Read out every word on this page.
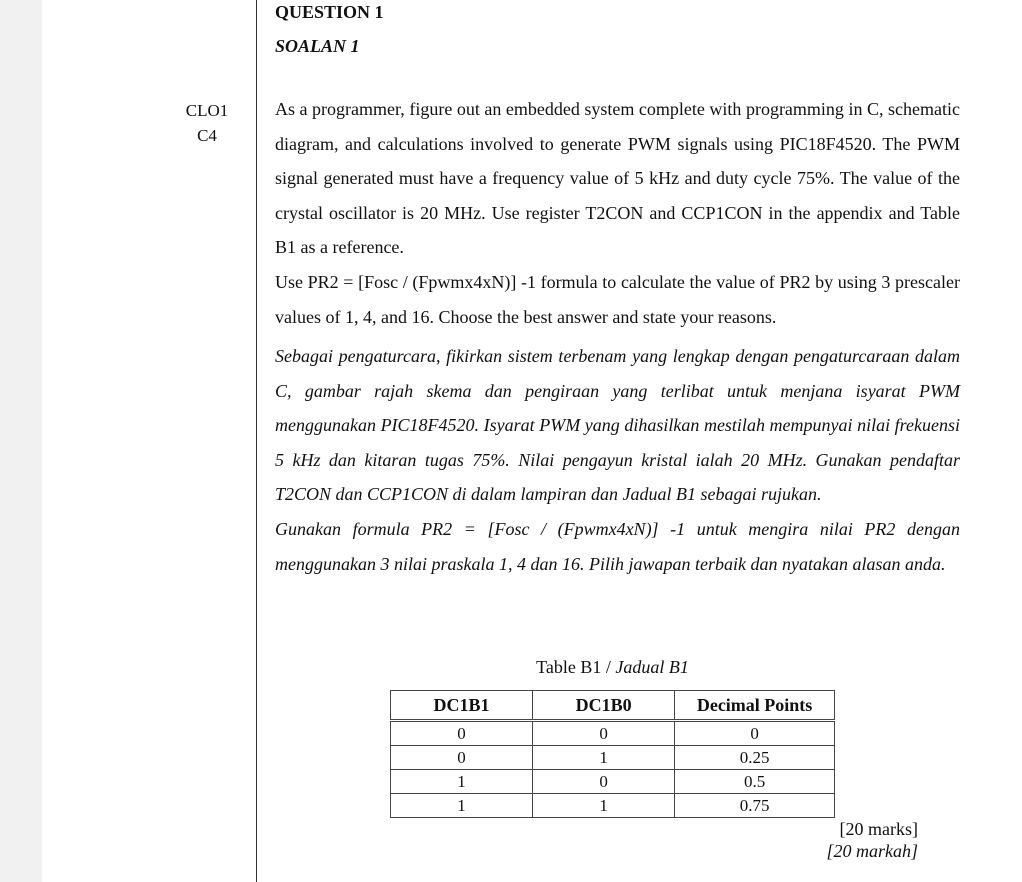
QUESTION 1
SOALAN 1
CLO1
C4
As a programmer, figure out an embedded system complete with programming in C, schematic diagram, and calculations involved to generate PWM signals using PIC18F4520. The PWM signal generated must have a frequency value of 5 kHz and duty cycle 75%. The value of the crystal oscillator is 20 MHz. Use register T2CON and CCP1CON in the appendix and Table B1 as a reference.
Use PR2 = [Fosc / (Fpwmx4xN)] -1 formula to calculate the value of PR2 by using 3 prescaler values of 1, 4, and 16. Choose the best answer and state your reasons.
Sebagai pengaturcara, fikirkan sistem terbenam yang lengkap dengan pengaturcaraan dalam C, gambar rajah skema dan pengiraan yang terlibat untuk menjana isyarat PWM menggunakan PIC18F4520. Isyarat PWM yang dihasilkan mestilah mempunyai nilai frekuensi 5 kHz dan kitaran tugas 75%. Nilai pengayun kristal ialah 20 MHz. Gunakan pendaftar T2CON dan CCP1CON di dalam lampiran dan Jadual B1 sebagai rujukan.
Gunakan formula PR2 = [Fosc / (Fpwmx4xN)] -1 untuk mengira nilai PR2 dengan menggunakan 3 nilai praskala 1, 4 dan 16. Pilih jawapan terbaik dan nyatakan alasan anda.
Table B1 / Jadual B1
DC1B1	DC1B0	Decimal Points
0	0	0
0	1	0.25
1	0	0.5
1	1	0.75
[20 marks]
[20 markah]
